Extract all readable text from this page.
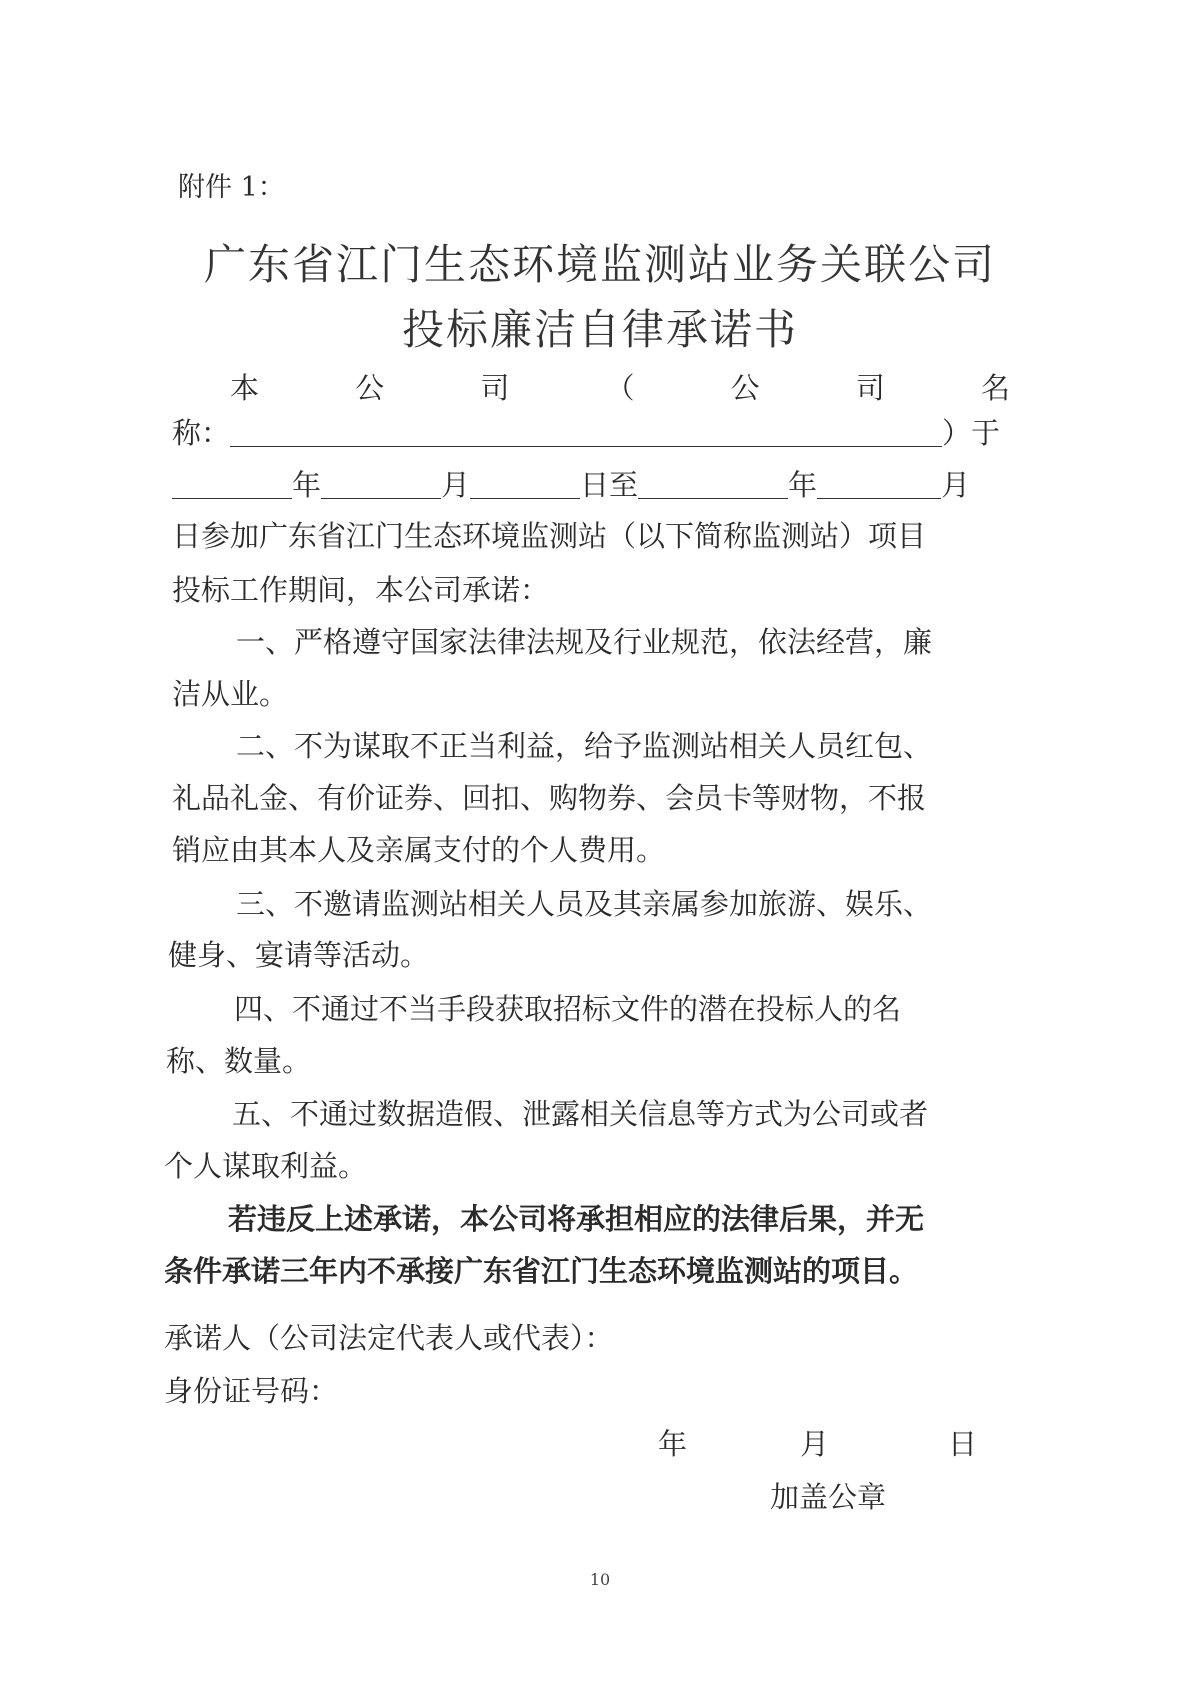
附件 1：
广东省江门生态环境监测站业务关联公司
投标廉洁自律承诺书
本	公	司	（	公	司	名
称：	）于
年	月	日至	年	月
日参加广东省江门生态环境监测站（以下简称监测站）项目
投标工作期间，本公司承诺：
一、严格遵守国家法律法规及行业规范，依法经营，廉
洁从业。
二、不为谋取不正当利益，给予监测站相关人员红包、
礼品礼金、有价证券、回扣、购物券、会员卡等财物，不报
销应由其本人及亲属支付的个人费用。
三、不邀请监测站相关人员及其亲属参加旅游、娱乐、
健身、宴请等活动。
四、不通过不当手段获取招标文件的潜在投标人的名
称、数量。
五、不通过数据造假、泄露相关信息等方式为公司或者
个人谋取利益。
若违反上述承诺，本公司将承担相应的法律后果，并无
条件承诺三年内不承接广东省江门生态环境监测站的项目。
承诺人（公司法定代表人或代表）：
身份证号码：
年	月	日
加盖公章
10
